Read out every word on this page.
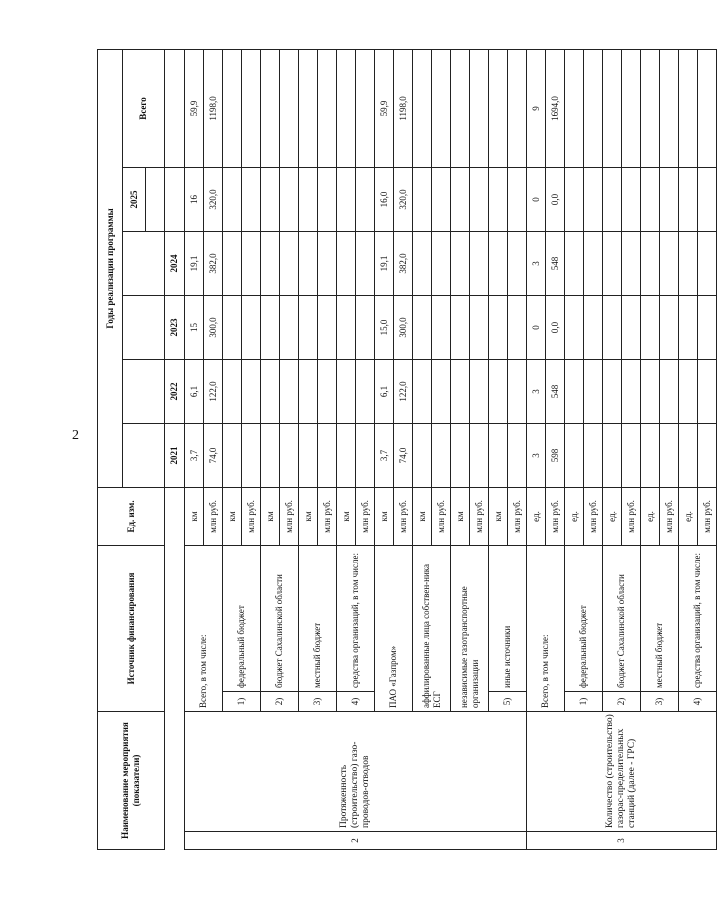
2
Наименование мероприятия (показатели)		Источник финансирования		Ед. изм.	Годы реализации программы					
									2025	Всего

					2021	2022	2023	2024		
2	Протяженность (строительство) газо-проводов-отводов	Всего, в том числе:		км	3,7	6,1	15	19,1	16	59,9
				млн руб.	74,0	122,0	300,0	382,0	320,0	1198,0
		1)	федеральный бюджет	км						
				млн руб.						
		2)	бюджет Сахалинской области	км						
				млн руб.						
		3)	местный бюджет	км						
				млн руб.						
		4)	средства организаций, в том числе:	км						
				млн руб.						
		ПАО «Газпром»		км	3,7	6,1	15,0	19,1	16,0	59,9
				млн руб.	74,0	122,0	300,0	382,0	320,0	1198,0
		аффилированные лица собствен-ника ЕСГ		км						
				млн руб.						
		независимые газотранспортные организации		км						
				млн руб.						
		5)	иные источники	км						
				млн руб.						
3	Количество (строительство) газорас-пределительных станций (далее - ГРС)	Всего, в том числе:		ед.	3	3	0	3	0	9
				млн руб.	598	548	0,0	548	0,0	1694,0
		1)	федеральный бюджет	ед.						
				млн руб.						
		2)	бюджет Сахалинской области	ед.						
				млн руб.						
		3)	местный бюджет	ед.						
				млн руб.						
		4)	средства организаций, в том числе:	ед.						
				млн руб.						
